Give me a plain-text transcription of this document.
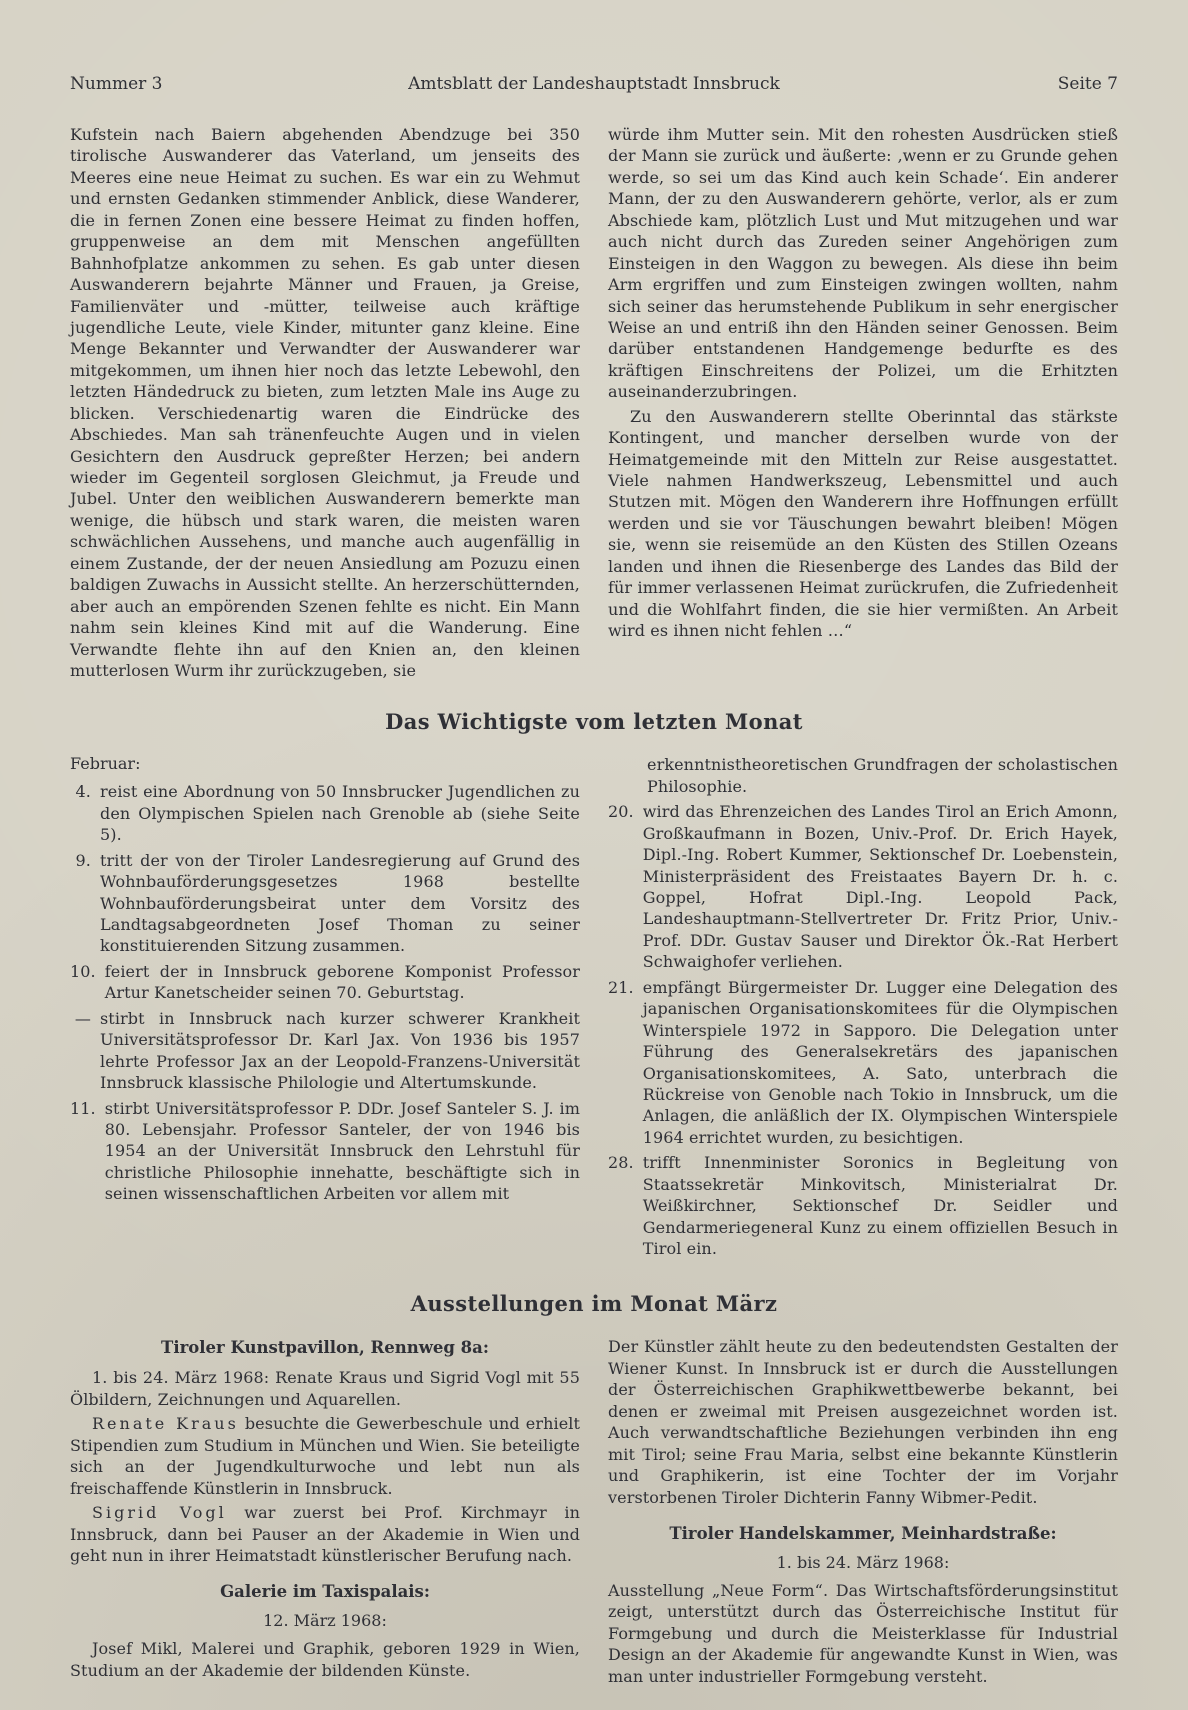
Nummer 3	Amtsblatt der Landeshauptstadt Innsbruck	Seite 7

Kufstein nach Baiern abgehenden Abendzuge bei 350 tirolische Auswanderer das Vaterland, um jenseits des Meeres eine neue Heimat zu suchen. Es war ein zu Wehmut und ernsten Gedanken stimmender Anblick, diese Wanderer, die in fernen Zonen eine bessere Heimat zu finden hoffen, gruppenweise an dem mit Menschen angefüllten Bahnhofplatze ankommen zu sehen. Es gab unter diesen Auswanderern bejahrte Männer und Frauen, ja Greise, Familienväter und -mütter, teilweise auch kräftige jugendliche Leute, viele Kinder, mitunter ganz kleine. Eine Menge Bekannter und Verwandter der Auswanderer war mitgekommen, um ihnen hier noch das letzte Lebewohl, den letzten Händedruck zu bieten, zum letzten Male ins Auge zu blicken. Verschiedenartig waren die Eindrücke des Abschiedes. Man sah tränenfeuchte Augen und in vielen Gesichtern den Ausdruck gepreßter Herzen; bei andern wieder im Gegenteil sorglosen Gleichmut, ja Freude und Jubel. Unter den weiblichen Auswanderern bemerkte man wenige, die hübsch und stark waren, die meisten waren schwächlichen Aussehens, und manche auch augenfällig in einem Zustande, der der neuen Ansiedlung am Pozuzu einen baldigen Zuwachs in Aussicht stellte. An herzerschütternden, aber auch an empörenden Szenen fehlte es nicht. Ein Mann nahm sein kleines Kind mit auf die Wanderung. Eine Verwandte flehte ihn auf den Knien an, den kleinen mutterlosen Wurm ihr zurückzugeben, sie

würde ihm Mutter sein. Mit den rohesten Ausdrücken stieß der Mann sie zurück und äußerte: ‚wenn er zu Grunde gehen werde, so sei um das Kind auch kein Schade‘. Ein anderer Mann, der zu den Auswanderern gehörte, verlor, als er zum Abschiede kam, plötzlich Lust und Mut mitzugehen und war auch nicht durch das Zureden seiner Angehörigen zum Einsteigen in den Waggon zu bewegen. Als diese ihn beim Arm ergriffen und zum Einsteigen zwingen wollten, nahm sich seiner das herumstehende Publikum in sehr energischer Weise an und entriß ihn den Händen seiner Genossen. Beim darüber entstandenen Handgemenge bedurfte es des kräftigen Einschreitens der Polizei, um die Erhitzten auseinanderzubringen.

Zu den Auswanderern stellte Oberinntal das stärkste Kontingent, und mancher derselben wurde von der Heimatgemeinde mit den Mitteln zur Reise ausgestattet. Viele nahmen Handwerkszeug, Lebensmittel und auch Stutzen mit. Mögen den Wanderern ihre Hoffnungen erfüllt werden und sie vor Täuschungen bewahrt bleiben! Mögen sie, wenn sie reisemüde an den Küsten des Stillen Ozeans landen und ihnen die Riesenberge des Landes das Bild der für immer verlassenen Heimat zurückrufen, die Zufriedenheit und die Wohlfahrt finden, die sie hier vermißten. An Arbeit wird es ihnen nicht fehlen …“

Das Wichtigste vom letzten Monat

Februar:

4. reist eine Abordnung von 50 Innsbrucker Jugendlichen zu den Olympischen Spielen nach Grenoble ab (siehe Seite 5).
9. tritt der von der Tiroler Landesregierung auf Grund des Wohnbauförderungsgesetzes 1968 bestellte Wohnbauförderungsbeirat unter dem Vorsitz des Landtagsabgeordneten Josef Thoman zu seiner konstituierenden Sitzung zusammen.
10. feiert der in Innsbruck geborene Komponist Professor Artur Kanetscheider seinen 70. Geburtstag.
— stirbt in Innsbruck nach kurzer schwerer Krankheit Universitätsprofessor Dr. Karl Jax. Von 1936 bis 1957 lehrte Professor Jax an der Leopold-Franzens-Universität Innsbruck klassische Philologie und Altertumskunde.
11. stirbt Universitätsprofessor P. DDr. Josef Santeler S. J. im 80. Lebensjahr. Professor Santeler, der von 1946 bis 1954 an der Universität Innsbruck den Lehrstuhl für christliche Philosophie innehatte, beschäftigte sich in seinen wissenschaftlichen Arbeiten vor allem mit

erkenntnistheoretischen Grundfragen der scholastischen Philosophie.

20. wird das Ehrenzeichen des Landes Tirol an Erich Amonn, Großkaufmann in Bozen, Univ.-Prof. Dr. Erich Hayek, Dipl.-Ing. Robert Kummer, Sektionschef Dr. Loebenstein, Ministerpräsident des Freistaates Bayern Dr. h. c. Goppel, Hofrat Dipl.-Ing. Leopold Pack, Landeshauptmann-Stellvertreter Dr. Fritz Prior, Univ.-Prof. DDr. Gustav Sauser und Direktor Ök.-Rat Herbert Schwaighofer verliehen.
21. empfängt Bürgermeister Dr. Lugger eine Delegation des japanischen Organisationskomitees für die Olympischen Winterspiele 1972 in Sapporo. Die Delegation unter Führung des Generalsekretärs des japanischen Organisationskomitees, A. Sato, unterbrach die Rückreise von Genoble nach Tokio in Innsbruck, um die Anlagen, die anläßlich der IX. Olympischen Winterspiele 1964 errichtet wurden, zu besichtigen.
28. trifft Innenminister Soronics in Begleitung von Staatssekretär Minkovitsch, Ministerialrat Dr. Weißkirchner, Sektionschef Dr. Seidler und Gendarmeriegeneral Kunz zu einem offiziellen Besuch in Tirol ein.
Ausstellungen im Monat März
Tiroler Kunstpavillon, Rennweg 8a:

1. bis 24. März 1968: Renate Kraus und Sigrid Vogl mit 55 Ölbildern, Zeichnungen und Aquarellen.

Renate Kraus besuchte die Gewerbeschule und erhielt Stipendien zum Studium in München und Wien. Sie beteiligte sich an der Jugendkulturwoche und lebt nun als freischaffende Künstlerin in Innsbruck.

Sigrid Vogl war zuerst bei Prof. Kirchmayr in Innsbruck, dann bei Pauser an der Akademie in Wien und geht nun in ihrer Heimatstadt künstlerischer Berufung nach.

Galerie im Taxispalais:

12. März 1968:

Josef Mikl, Malerei und Graphik, geboren 1929 in Wien, Studium an der Akademie der bildenden Künste.

Der Künstler zählt heute zu den bedeutendsten Gestalten der Wiener Kunst. In Innsbruck ist er durch die Ausstellungen der Österreichischen Graphikwettbewerbe bekannt, bei denen er zweimal mit Preisen ausgezeichnet worden ist. Auch verwandtschaftliche Beziehungen verbinden ihn eng mit Tirol; seine Frau Maria, selbst eine bekannte Künstlerin und Graphikerin, ist eine Tochter der im Vorjahr verstorbenen Tiroler Dichterin Fanny Wibmer-Pedit.

Tiroler Handelskammer, Meinhardstraße:

1. bis 24. März 1968:

Ausstellung „Neue Form“. Das Wirtschaftsförderungsinstitut zeigt, unterstützt durch das Österreichische Institut für Formgebung und durch die Meisterklasse für Industrial Design an der Akademie für angewandte Kunst in Wien, was man unter industrieller Formgebung versteht.
